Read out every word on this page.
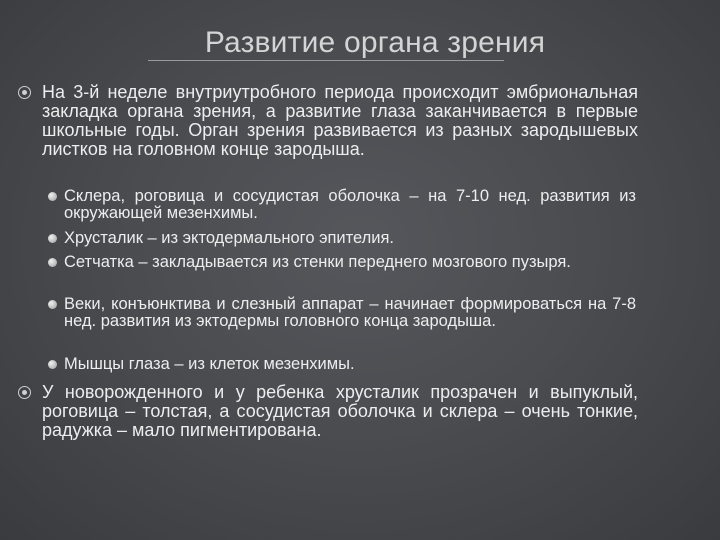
Развитие органа зрения
На 3-й неделе внутриутробного периода происходит эмбриональная закладка органа зрения, а развитие глаза заканчивается в первые школьные годы. Орган зрения развивается из разных зародышевых листков на головном конце зародыша.
Склера, роговица и сосудистая оболочка – на 7-10 нед. развития из окружающей мезенхимы.
Хрусталик – из эктодермального эпителия.
Сетчатка – закладывается из стенки переднего мозгового пузыря.
Веки, конъюнктива и слезный аппарат – начинает формироваться на 7-8 нед. развития из эктодермы головного конца зародыша.
Мышцы глаза – из клеток мезенхимы.
У новорожденного и у ребенка хрусталик прозрачен и выпуклый, роговица – толстая, а сосудистая оболочка и склера – очень тонкие, радужка – мало пигментирована.
